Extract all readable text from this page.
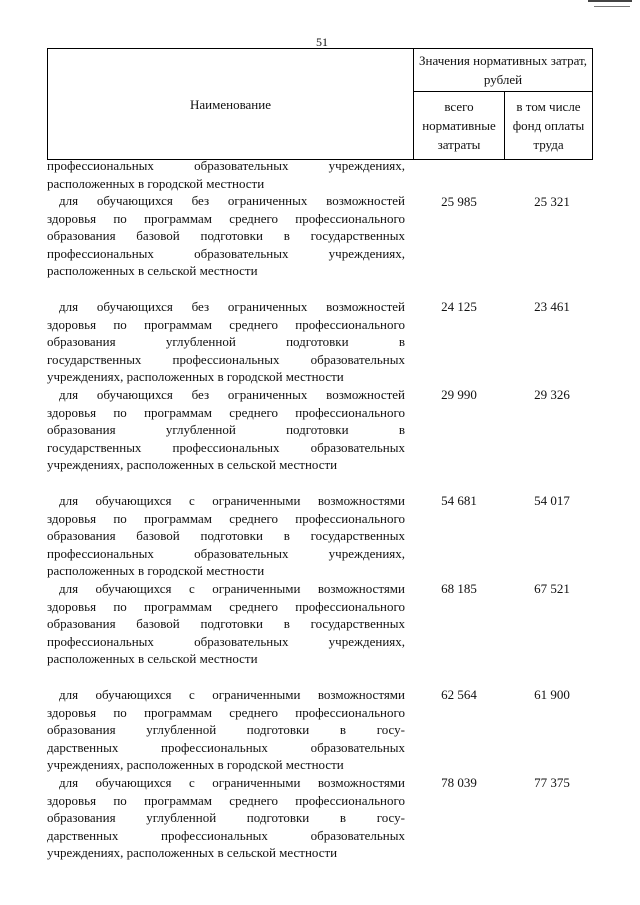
51
Наименование
Значения нормативных затрат, рублей
всего нормативные затраты
в том числе фонд оплаты труда
профессиональных образовательных учреждениях,
расположенных в городской местности
для обучающихся без ограниченных возможностей
здоровья по программам среднего профессионального
образования базовой подготовки в государственных
профессиональных образовательных учреждениях,
расположенных в сельской местности
25 985	25 321
для обучающихся без ограниченных возможностей
здоровья по программам среднего профессионального
образования углубленной подготовки в
государственных профессиональных образовательных
учреждениях, расположенных в городской местности
24 125	23 461
для обучающихся без ограниченных возможностей
здоровья по программам среднего профессионального
образования углубленной подготовки в
государственных профессиональных образовательных
учреждениях, расположенных в сельской местности
29 990	29 326
для обучающихся с ограниченными возможностями
здоровья по программам среднего профессионального
образования базовой подготовки в государственных
профессиональных образовательных учреждениях,
расположенных в городской местности
54 681	54 017
для обучающихся с ограниченными возможностями
здоровья по программам среднего профессионального
образования базовой подготовки в государственных
профессиональных образовательных учреждениях,
расположенных в сельской местности
68 185	67 521
для обучающихся с ограниченными возможностями
здоровья по программам среднего профессионального
образования углубленной подготовки в госу-
дарственных профессиональных образовательных
учреждениях, расположенных в городской местности
62 564	61 900
для обучающихся с ограниченными возможностями
здоровья по программам среднего профессионального
образования углубленной подготовки в госу-
дарственных профессиональных образовательных
учреждениях, расположенных в сельской местности
78 039	77 375
